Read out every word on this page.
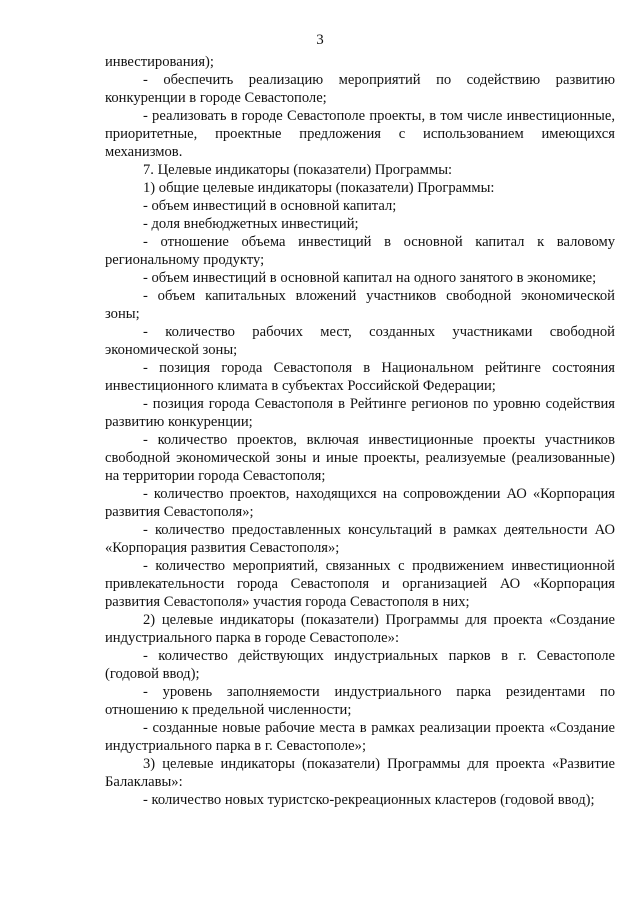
3

инвестирования);

- обеспечить реализацию мероприятий по содействию развитию конкуренции в городе Севастополе;

- реализовать в городе Севастополе проекты, в том числе инвестиционные, приоритетные, проектные предложения с использованием имеющихся механизмов.

7. Целевые индикаторы (показатели) Программы:

1) общие целевые индикаторы (показатели) Программы:

- объем инвестиций в основной капитал;

- доля внебюджетных инвестиций;

- отношение объема инвестиций в основной капитал к валовому региональному продукту;

- объем инвестиций в основной капитал на одного занятого в экономике;

- объем капитальных вложений участников свободной экономической зоны;

- количество рабочих мест, созданных участниками свободной экономической зоны;

- позиция города Севастополя в Национальном рейтинге состояния инвестиционного климата в субъектах Российской Федерации;

- позиция города Севастополя в Рейтинге регионов по уровню содействия развитию конкуренции;

- количество проектов, включая инвестиционные проекты участников свободной экономической зоны и иные проекты, реализуемые (реализованные) на территории города Севастополя;

- количество проектов, находящихся на сопровождении АО «Корпорация развития Севастополя»;

- количество предоставленных консультаций в рамках деятельности АО «Корпорация развития Севастополя»;

- количество мероприятий, связанных с продвижением инвестиционной привлекательности города Севастополя и организацией АО «Корпорация развития Севастополя» участия города Севастополя в них;

2) целевые индикаторы (показатели) Программы для проекта «Создание индустриального парка в городе Севастополе»:

- количество действующих индустриальных парков в г. Севастополе (годовой ввод);

- уровень заполняемости индустриального парка резидентами по отношению к предельной численности;

- созданные новые рабочие места в рамках реализации проекта «Создание индустриального парка в г. Севастополе»;

3) целевые индикаторы (показатели) Программы для проекта «Развитие Балаклавы»:

- количество новых туристско-рекреационных кластеров (годовой ввод);
